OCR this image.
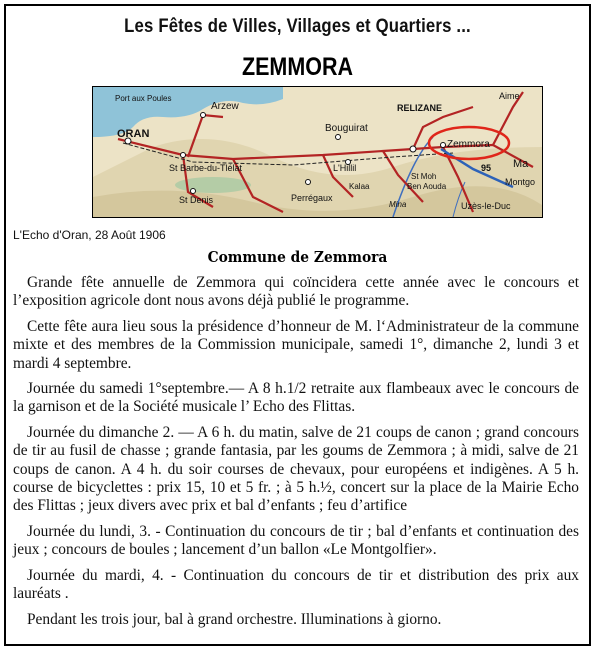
Les Fêtes de Villes, Villages et Quartiers ...
ZEMMORA
Port aux Poules
Arzew
ORAN
St Barbe-du-Tlélat
St Denis
Bouguirat
RELIZANE
Zemmora
L'Hillil
Kalaa
Perrégaux
St Moh
Ben Aouda
Uzès-le-Duc
95
Montgo
Aime
Mina
Ma
L'Echo d'Oran, 28 Août 1906
Commune de Zemmora

Grande fête annuelle de Zemmora qui coïncidera cette année avec le concours et l’exposition agricole dont nous avons déjà publié le programme.

Cette fête aura lieu sous la présidence d’honneur de M. l‘Administrateur de la commune mixte et des membres de la Commission municipale, samedi 1°, dimanche 2, lundi 3 et mardi 4 septembre.

Journée du samedi 1°septembre.— A 8 h.1/2 retraite aux flambeaux avec le concours de la garnison et de la Société musicale l’ Echo des Flittas.

Journée du dimanche 2. — A 6 h. du matin, salve de 21 coups de canon ; grand concours de tir au fusil de chasse ; grande fantasia, par les goums de Zemmora ; à midi, salve de 21 coups de canon. A 4 h. du soir courses de chevaux, pour européens et indigènes. A 5 h. course de bicyclettes : prix 15, 10 et 5 fr. ; à 5 h.½, concert sur la place de la Mairie Echo des Flittas ; jeux divers avec prix et bal d’enfants ; feu d’artifice

Journée du lundi, 3. - Continuation du concours de tir ; bal d’enfants et continuation des jeux ; concours de boules ; lancement d’un ballon «Le Montgolfier».

Journée du mardi, 4. - Continuation du concours de tir et distribution des prix aux lauréats .

Pendant les trois jour, bal à grand orchestre. Illuminations à giorno.
